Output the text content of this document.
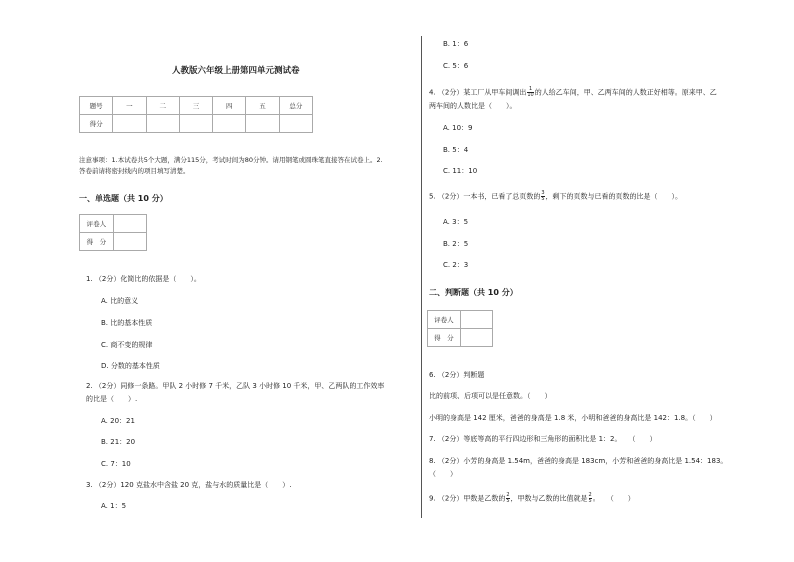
人教版六年级上册第四单元测试卷
题号	一	二	三	四	五	总分
得分						
注意事项：1.本试卷共5个大题，满分115分，考试时间为80分钟。请用钢笔或圆珠笔直接答在试卷上。2.
答卷前请将密封线内的项目填写清楚。
一、单选题（共 10 分）
评卷人	
得　分	
1. （2分）化简比的依据是（　　）。
A. 比的意义
B. 比的基本性质
C. 商不变的规律
D. 分数的基本性质
2. （2分）同修一条路。甲队 2 小时修 7 千米，乙队 3 小时修 10 千米，甲、乙两队的工作效率
的比是（　　）.
A. 20：21
B. 21：20
C. 7：10
3. （2分）120 克盐水中含盐 20 克，盐与水的质量比是（　　）.
A. 1：5
B. 1：6
C. 5：6
4. （2分）某工厂从甲车间调出 $\frac{1}{10}$ 的人给乙车间，甲、乙两车间的人数正好相等。原来甲、乙
两车间的人数比是（　　）。
A. 10：9
B. 5：4
C. 11：10
5. （2分）一本书，已看了总页数的 $\frac{3}{5}$ ，剩下的页数与已看的页数的比是（　　）。
A. 3：5
B. 2：5
C. 2：3
二、判断题（共 10 分）
评卷人	
得　分	
6. （2分）判断题
比的前项、后项可以是任意数。（　　）
小明的身高是 142 厘米，爸爸的身高是 1.8 米，小明和爸爸的身高比是 142：1.8。（　　）
7. （2分）等底等高的平行四边形和三角形的面积比是 1：2。　　（　　）
8. （2分）小芳的身高是 1.54m，爸爸的身高是 183cm，小芳和爸爸的身高比是 1.54：183。
（　　）
9. （2分）甲数是乙数的 $\frac{2}{5}$ ，甲数与乙数的比值就是 $\frac{2}{5}$ 。　　（　　）
